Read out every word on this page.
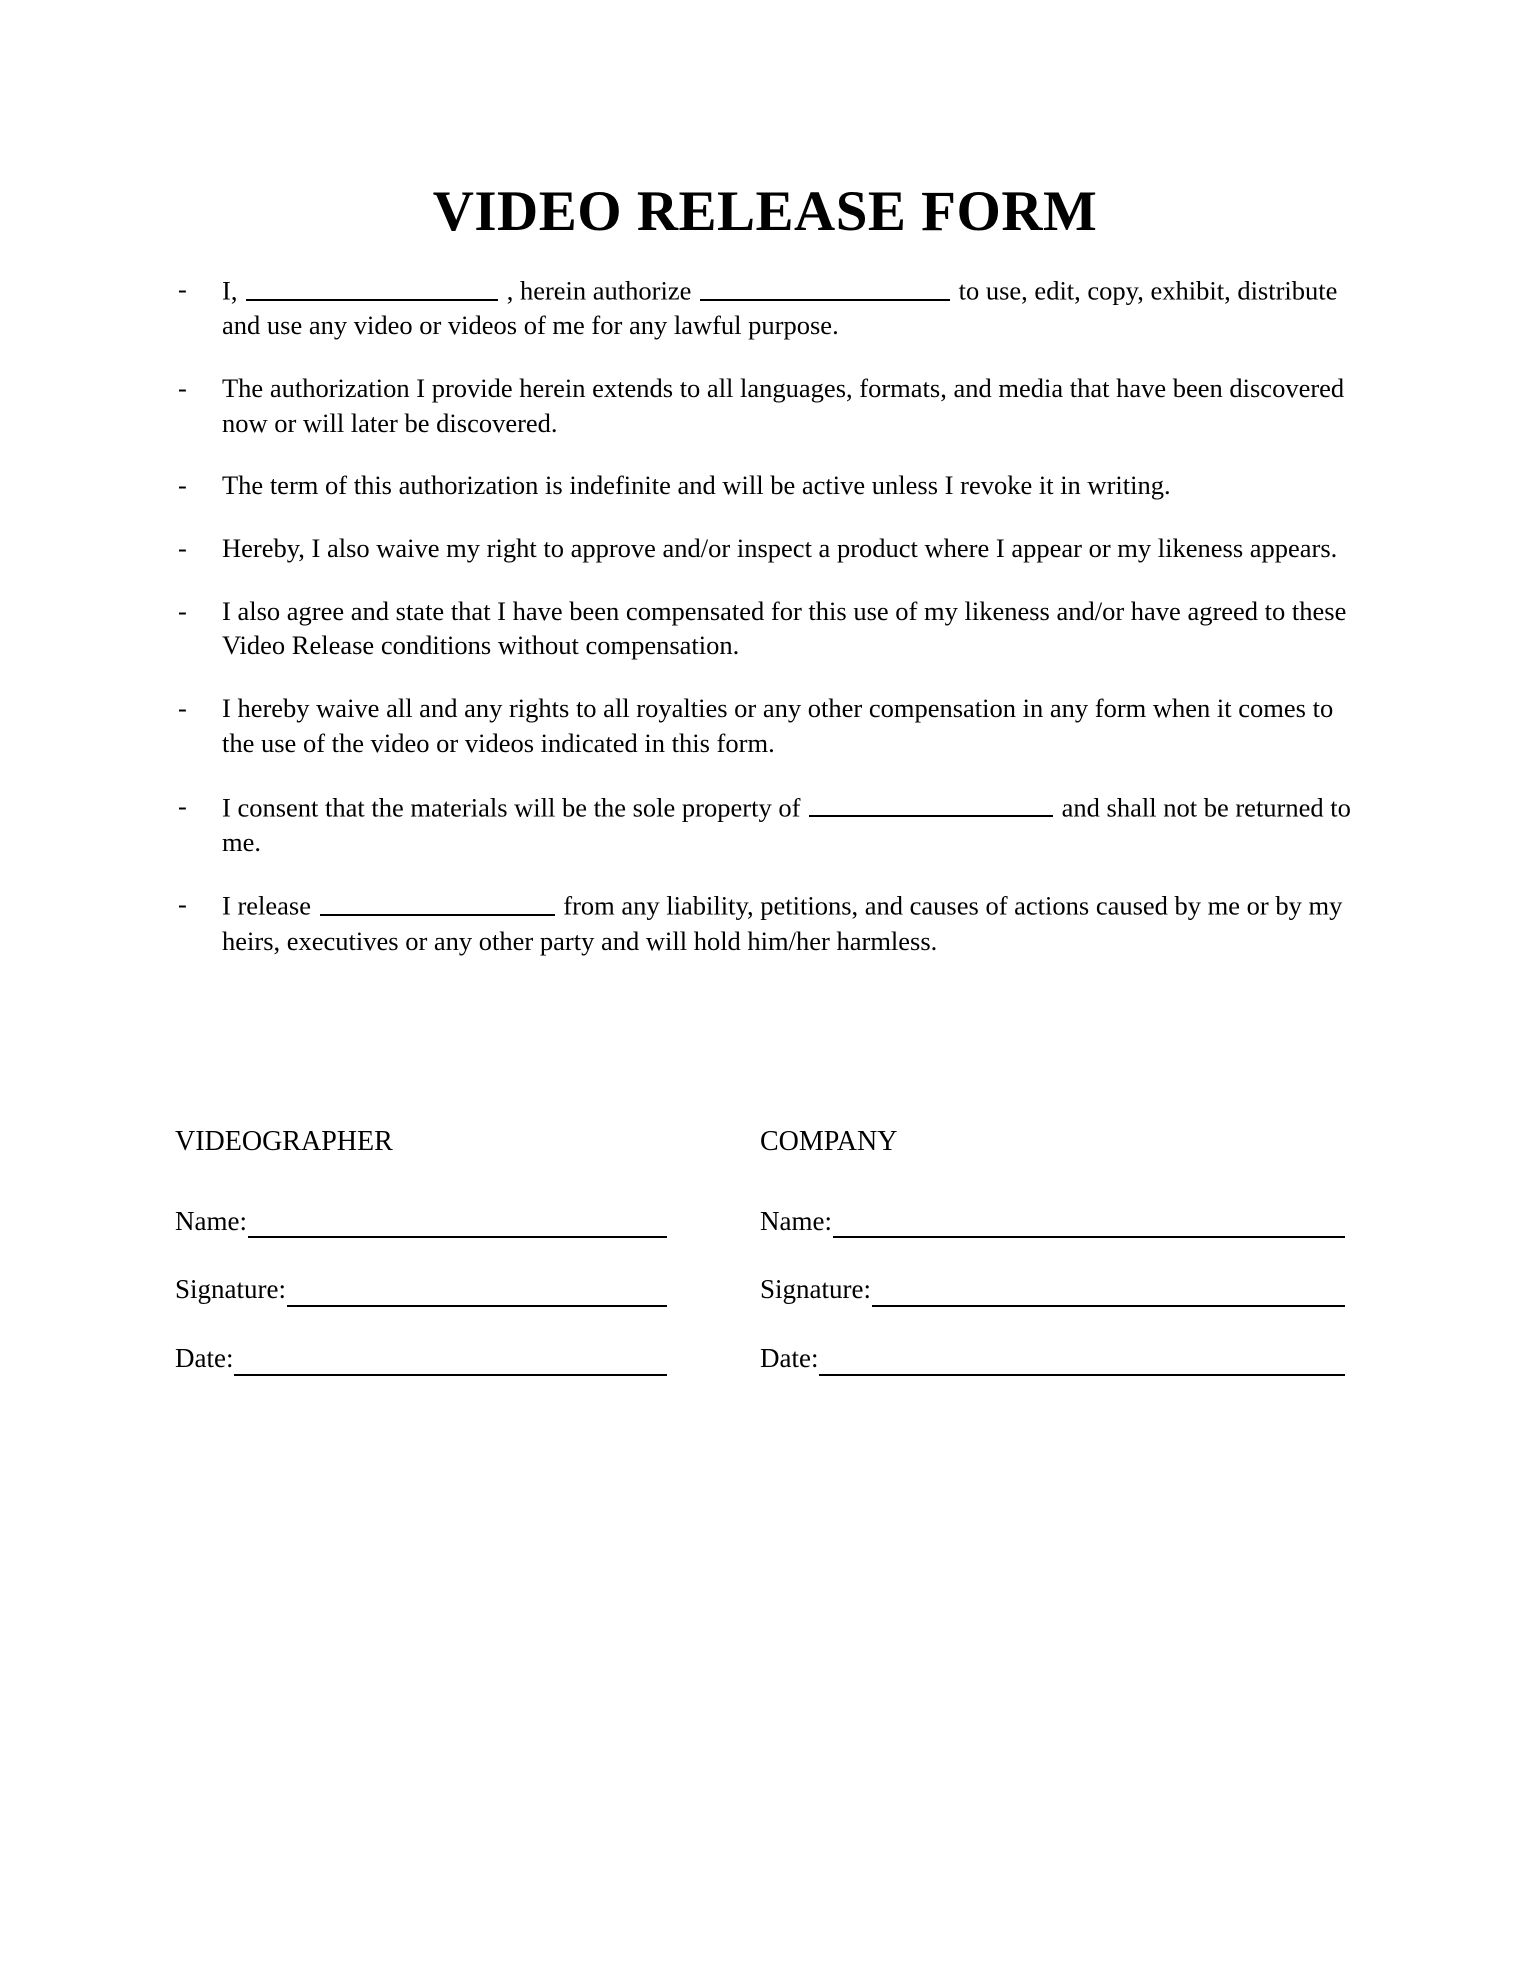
VIDEO RELEASE FORM
- I,	, herein authorize	to use, edit, copy, exhibit, distribute and use any video or videos of me for any lawful purpose.
- The authorization I provide herein extends to all languages, formats, and media that have been discovered now or will later be discovered.
- The term of this authorization is indefinite and will be active unless I revoke it in writing.
- Hereby, I also waive my right to approve and/or inspect a product where I appear or my likeness appears.
- I also agree and state that I have been compensated for this use of my likeness and/or have agreed to these Video Release conditions without compensation.
- I hereby waive all and any rights to all royalties or any other compensation in any form when it comes to the use of the video or videos indicated in this form.
- I consent that the materials will be the sole property of	and shall not be returned to me.
- I release	from any liability, petitions, and causes of actions caused by me or by my heirs, executives or any other party and will hold him/her harmless.
VIDEOGRAPHER
Name:
Signature:
Date:
COMPANY
Name:
Signature:
Date:
